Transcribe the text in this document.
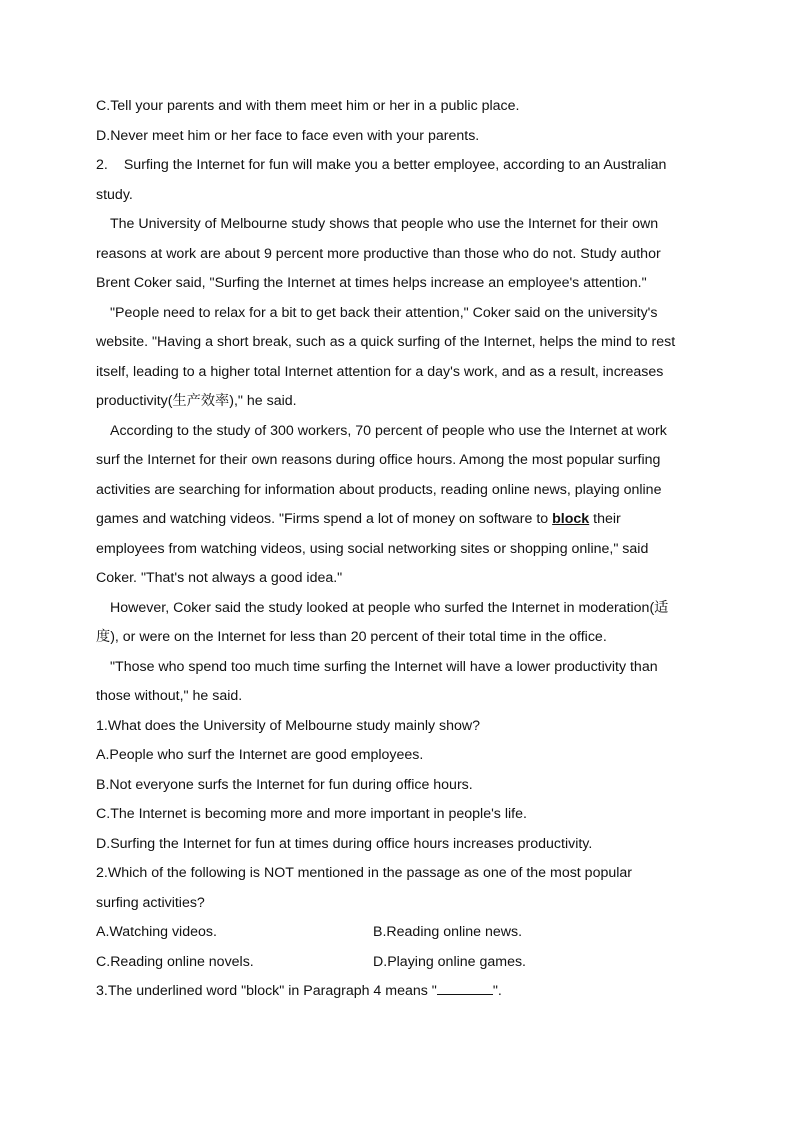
C.Tell your parents and with them meet him or her in a public place.
D.Never meet him or her face to face even with your parents.
2. Surfing the Internet for fun will make you a better employee, according to an Australian
study.
The University of Melbourne study shows that people who use the Internet for their own
reasons at work are about 9 percent more productive than those who do not. Study author
Brent Coker said, "Surfing the Internet at times helps increase an employee's attention."
"People need to relax for a bit to get back their attention," Coker said on the university's
website. "Having a short break, such as a quick surfing of the Internet, helps the mind to rest
itself, leading to a higher total Internet attention for a day's work, and as a result, increases
productivity(生产效率)," he said.
According to the study of 300 workers, 70 percent of people who use the Internet at work
surf the Internet for their own reasons during office hours. Among the most popular surfing
activities are searching for information about products, reading online news, playing online
games and watching videos. "Firms spend a lot of money on software to block their
employees from watching videos, using social networking sites or shopping online," said
Coker. "That's not always a good idea."
However, Coker said the study looked at people who surfed the Internet in moderation(适
度), or were on the Internet for less than 20 percent of their total time in the office.
"Those who spend too much time surfing the Internet will have a lower productivity than
those without," he said.
1.What does the University of Melbourne study mainly show?
A.People who surf the Internet are good employees.
B.Not everyone surfs the Internet for fun during office hours.
C.The Internet is becoming more and more important in people's life.
D.Surfing the Internet for fun at times during office hours increases productivity.
2.Which of the following is NOT mentioned in the passage as one of the most popular
surfing activities?
A.Watching videos.	B.Reading online news.
C.Reading online novels.	D.Playing online games.
3.The underlined word "block" in Paragraph 4 means "	".
